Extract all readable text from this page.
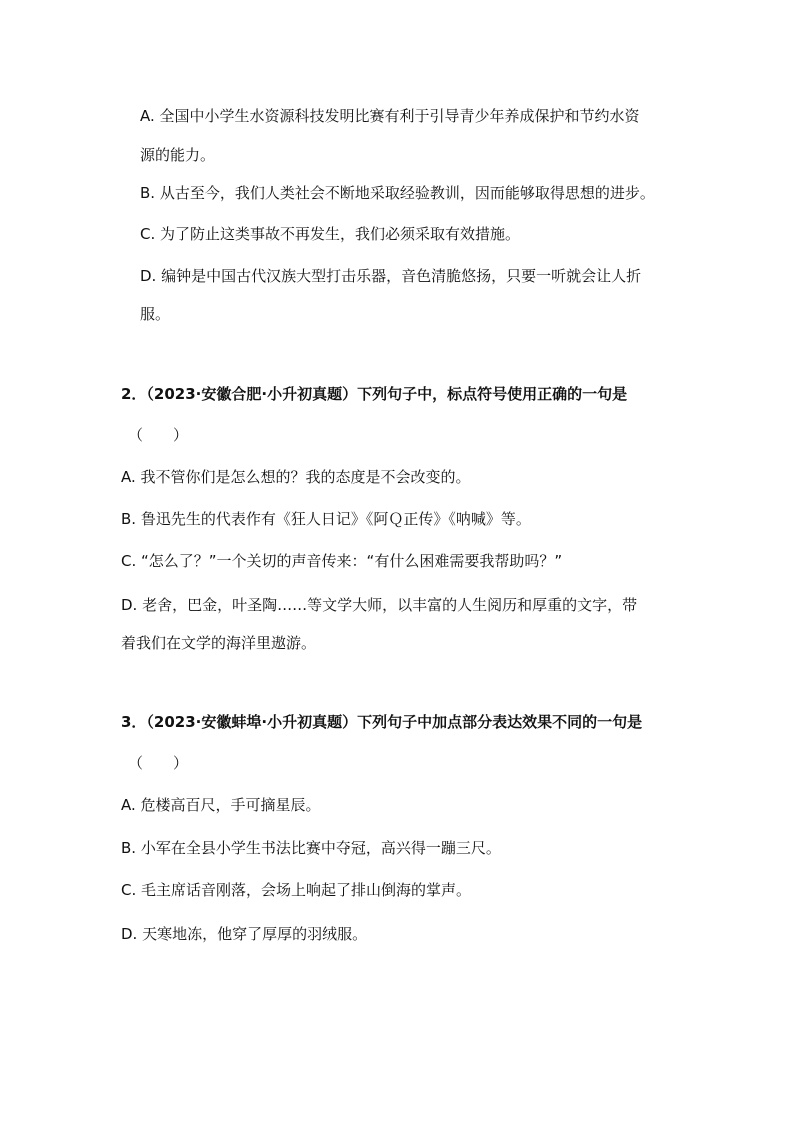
A. 全国中小学生水资源科技发明比赛有利于引导青少年养成保护和节约水资
源的能力。
B. 从古至今，我们人类社会不断地采取经验教训，因而能够取得思想的进步。
C. 为了防止这类事故不再发生，我们必须采取有效措施。
D. 编钟是中国古代汉族大型打击乐器，音色清脆悠扬，只要一听就会让人折
服。
2．（2023·安徽合肥·小升初真题）下列句子中，标点符号使用正确的一句是
（　　）
A. 我不管你们是怎么想的？我的态度是不会改变的。
B. 鲁迅先生的代表作有《狂人日记》《阿Ｑ正传》《呐喊》等。
C. “怎么了？”一个关切的声音传来：“有什么困难需要我帮助吗？”
D. 老舍，巴金，叶圣陶……等文学大师，以丰富的人生阅历和厚重的文字，带
着我们在文学的海洋里遨游。
3．（2023·安徽蚌埠·小升初真题）下列句子中加点部分表达效果不同的一句是
（　　）
A. 危楼高百尺，手可摘星辰。
B. 小军在全县小学生书法比赛中夺冠，高兴得一蹦三尺。
C. 毛主席话音刚落，会场上响起了排山倒海的掌声。
D. 天寒地冻，他穿了厚厚的羽绒服。
